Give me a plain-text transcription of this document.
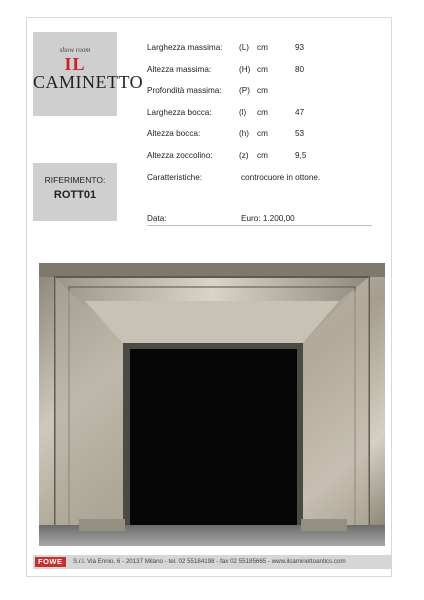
show room
IL
CAMINETTO
RIFERIMENTO:
ROTT01
Larghezza massima: (L) cm	93
Altezza massima:	(H) cm	80
Profondità massima: (P) cm
Larghezza bocca:	(l) cm	47
Altezza bocca:	(h) cm	53
Altezza zoccolino:	(z) cm	9,5
Caratteristiche:	controcuore in ottone.
Data:	Euro: 1.200,00
FOWE	S.r.l. Via Ennio, 6 - 20137 Milano - tel. 02 55184198 - fax 02 55185665 - www.ilcaminettoantics.com
